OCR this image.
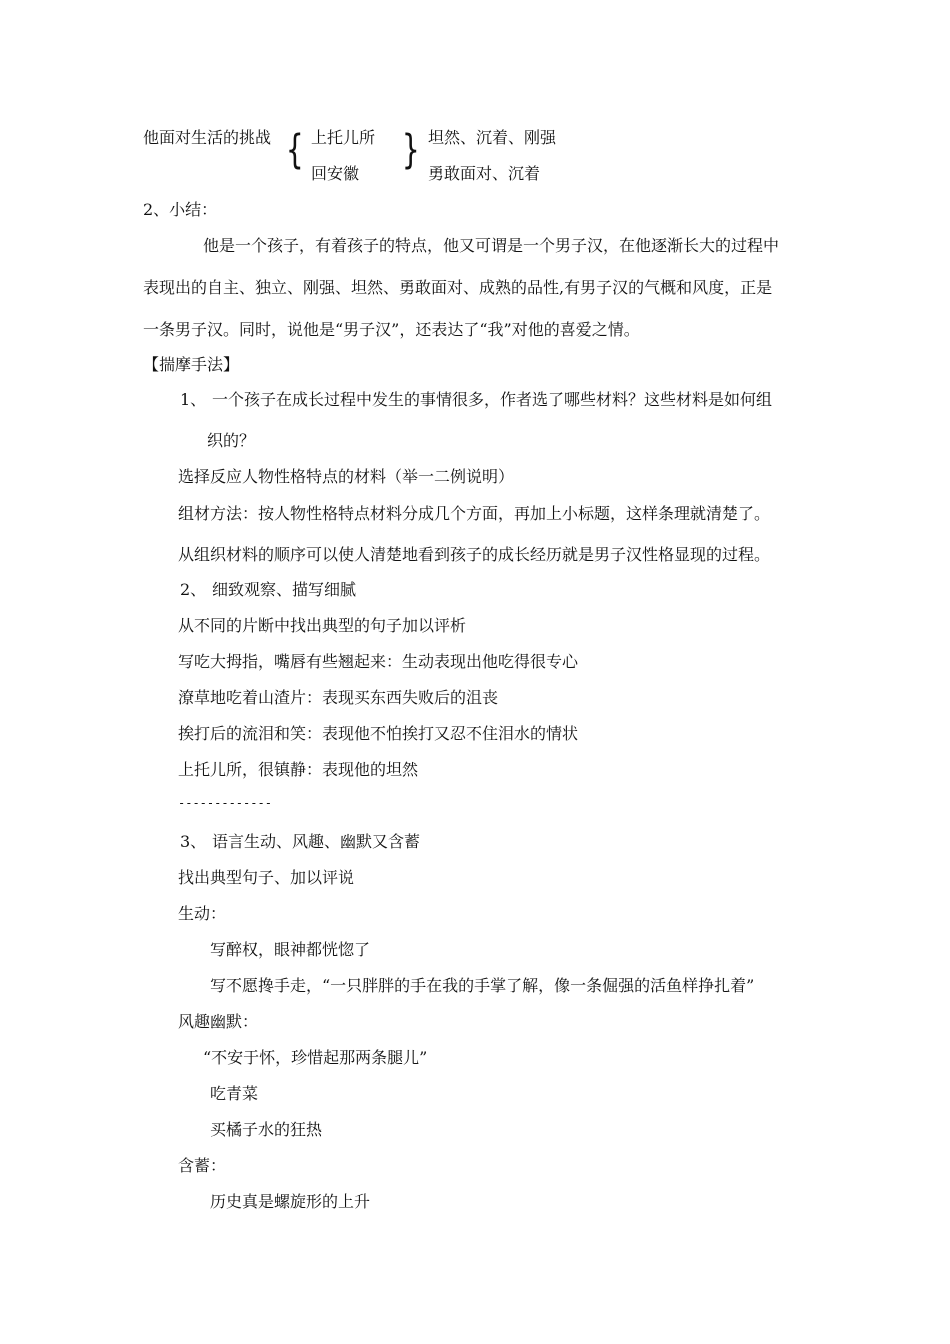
他面对生活的挑战 { 上托儿所
回安徽
} 坦然、沉着、刚强
勇敢面对、沉着
2、小结：
他是一个孩子，有着孩子的特点，他又可谓是一个男子汉，在他逐渐长大的过程中
表现出的自主、独立、刚强、坦然、勇敢面对、成熟的品性,有男子汉的气概和风度，正是
一条男子汉。同时，说他是“男子汉”，还表达了“我”对他的喜爱之情。
【揣摩手法】
1、 一个孩子在成长过程中发生的事情很多，作者选了哪些材料？这些材料是如何组
织的？
选择反应人物性格特点的材料（举一二例说明）
组材方法：按人物性格特点材料分成几个方面，再加上小标题，这样条理就清楚了。
从组织材料的顺序可以使人清楚地看到孩子的成长经历就是男子汉性格显现的过程。
2、 细致观察、描写细腻
从不同的片断中找出典型的句子加以评析
写吃大拇指，嘴唇有些翘起来：生动表现出他吃得很专心
潦草地吃着山渣片：表现买东西失败后的沮丧
挨打后的流泪和笑：表现他不怕挨打又忍不住泪水的情状
上托儿所，很镇静：表现他的坦然
-------------
3、 语言生动、风趣、幽默又含蓄
找出典型句子、加以评说
生动：
写醉权，眼神都恍惚了
写不愿搀手走，“一只胖胖的手在我的手掌了解，像一条倔强的活鱼样挣扎着”
风趣幽默：
“不安于怀，珍惜起那两条腿儿”
吃青菜
买橘子水的狂热
含蓄：
历史真是螺旋形的上升
